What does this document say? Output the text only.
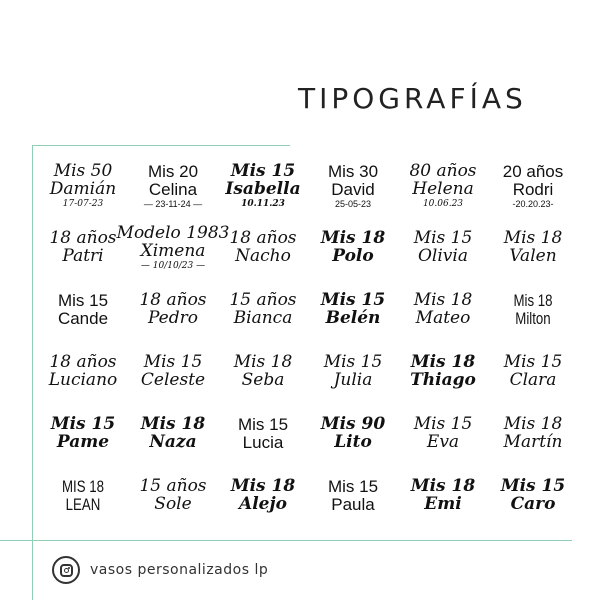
TIPOGRAFÍAS
Mis 50
Damián
17-07-23
Mis 20
Celina
— 23-11-24 —
Mis 15
Isabella
10.11.23
Mis 30
David
25-05-23
80 años
Helena
10.06.23
20 años
Rodri
-20.20.23-
18 años
Patri
Modelo 1983
Ximena
— 10/10/23 —
18 años
Nacho
Mis 18
Polo
Mis 15
Olivia
Mis 18
Valen
Mis 15
Cande
18 años
Pedro
15 años
Bianca
Mis 15
Belén
Mis 18
Mateo
Mis 18
Milton
18 años
Luciano
Mis 15
Celeste
Mis 18
Seba
Mis 15
Julia
Mis 18
Thiago
Mis 15
Clara
Mis 15
Pame
Mis 18
Naza
Mis 15
Lucia
Mis 90
Lito
Mis 15
Eva
Mis 18
Martín
MIS 18
LEAN
15 años
Sole
Mis 18
Alejo
Mis 15
Paula
Mis 18
Emi
Mis 15
Caro
vasos personalizados lp
